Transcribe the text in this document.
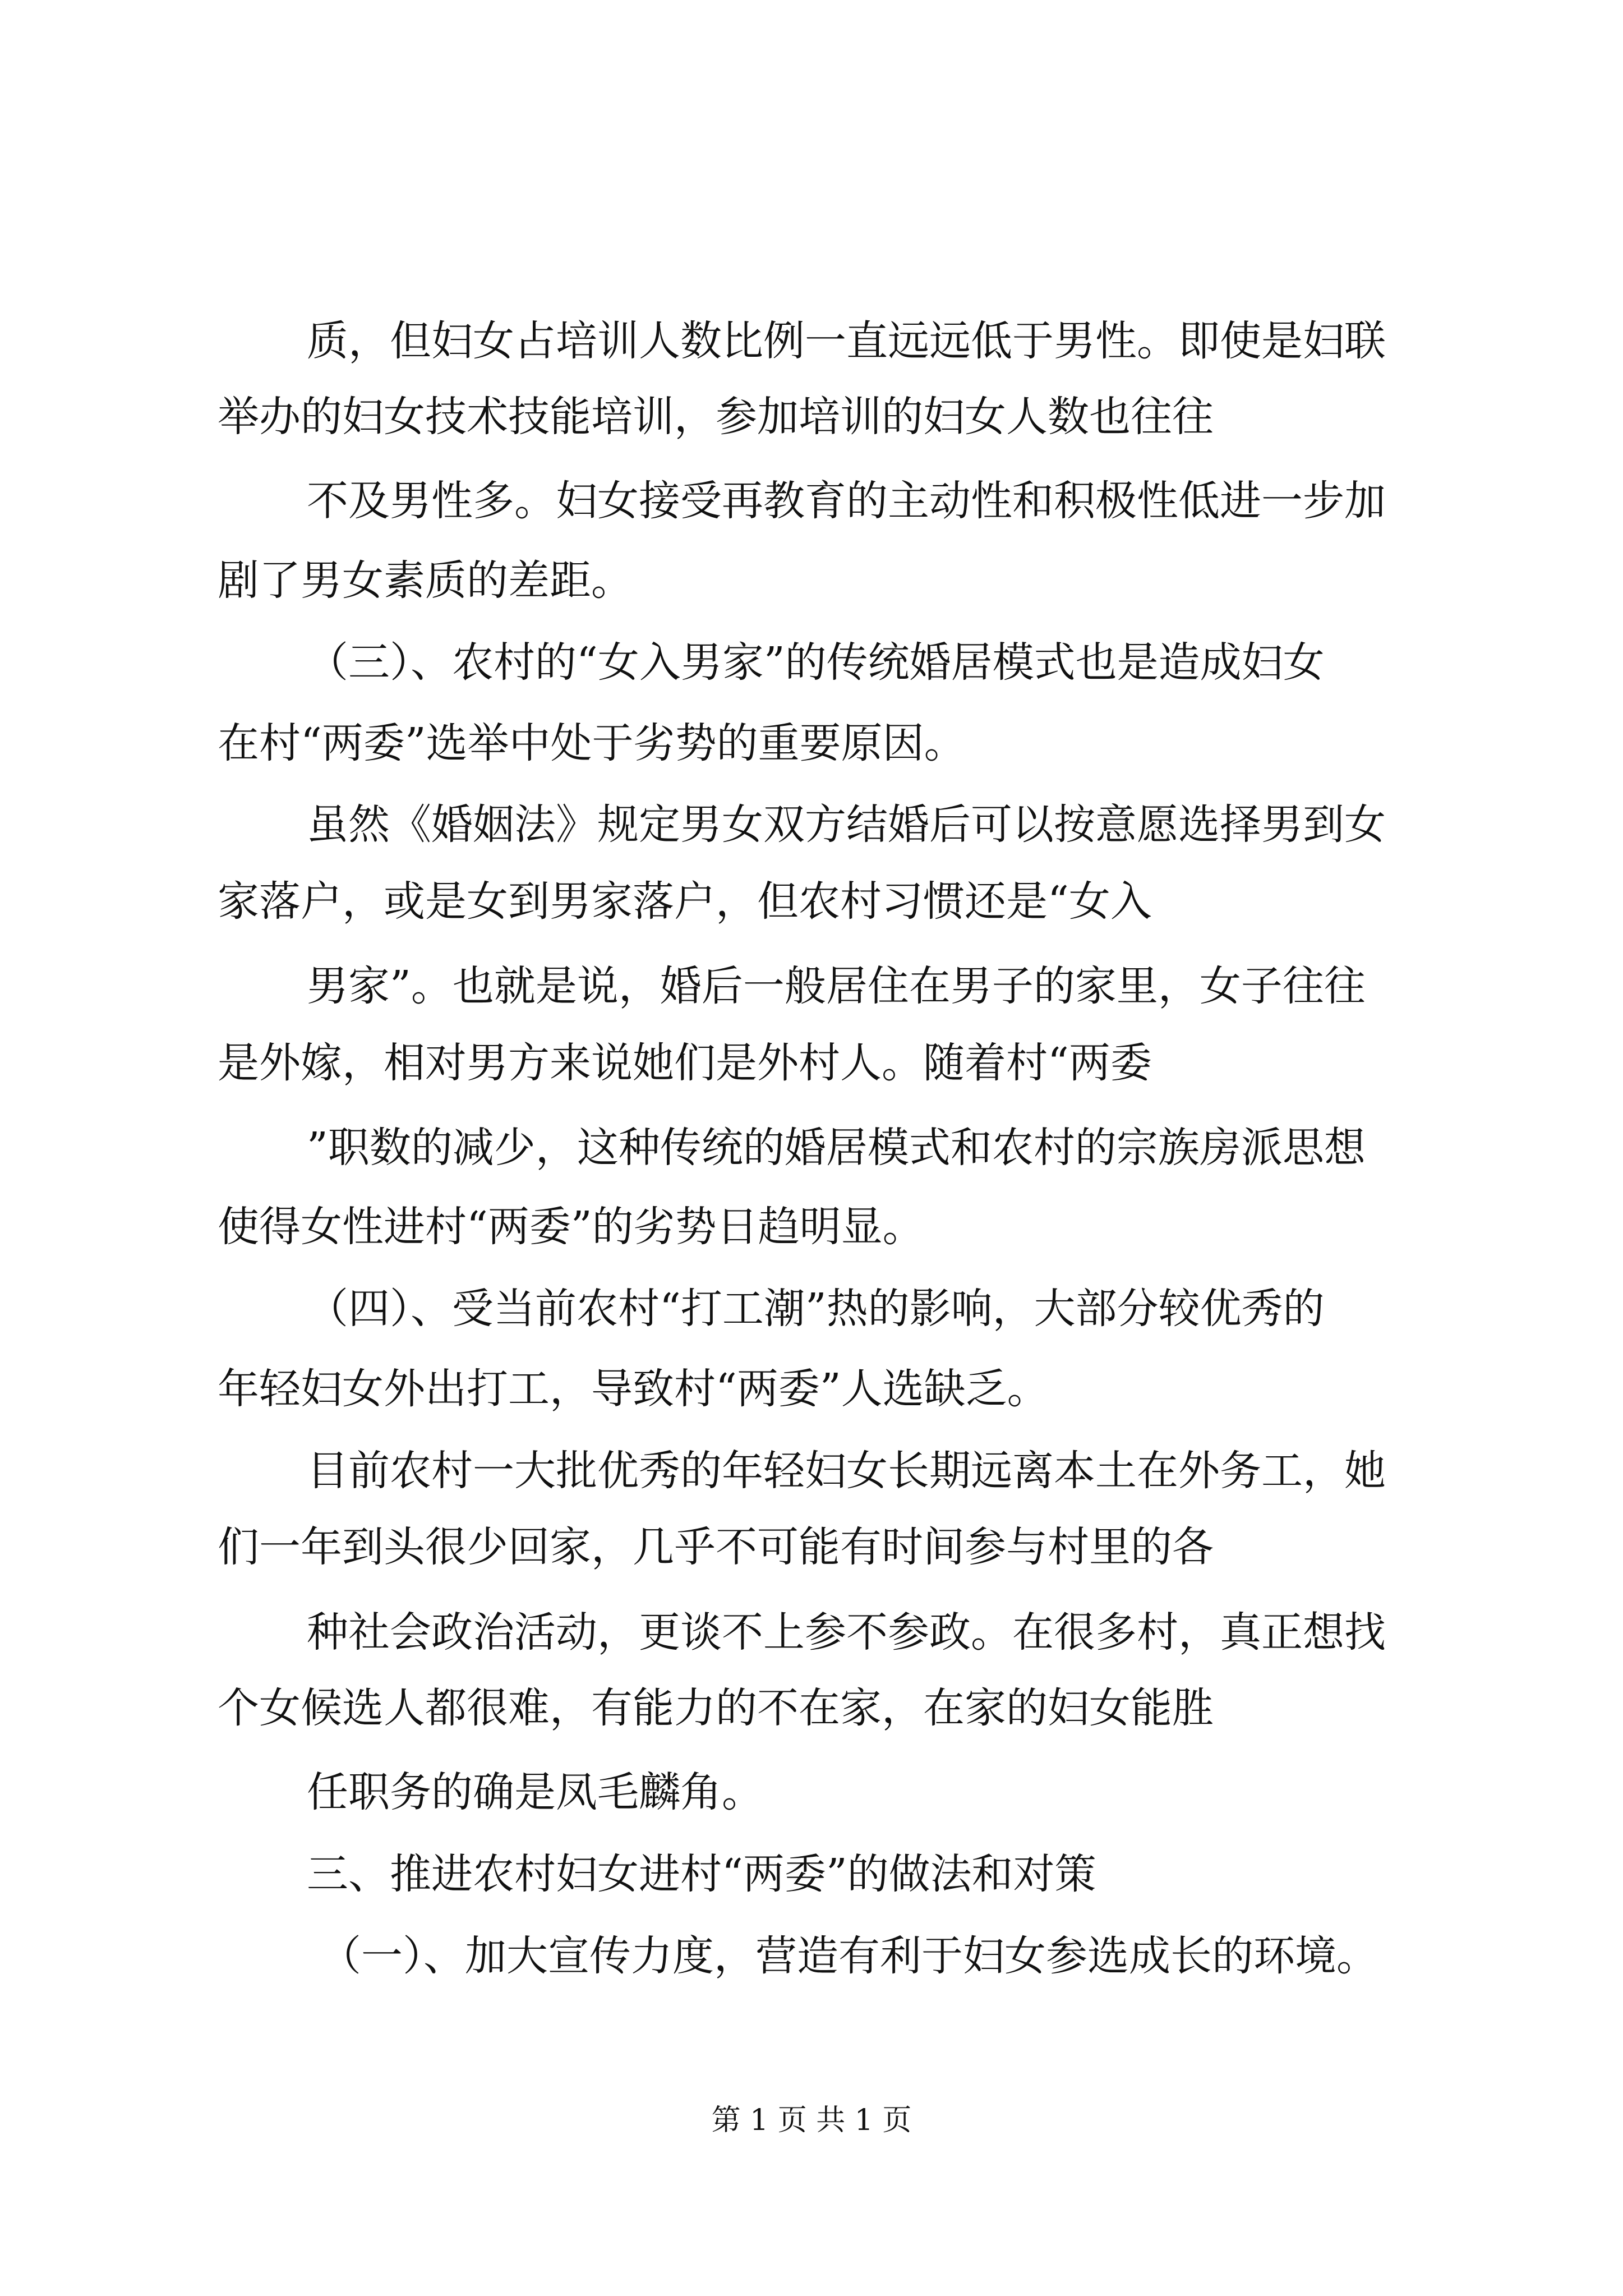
质，但妇女占培训人数比例一直远远低于男性。即使是妇联
举办的妇女技术技能培训，参加培训的妇女人数也往往
不及男性多。妇女接受再教育的主动性和积极性低进一步加
剧了男女素质的差距。
（三）、农村的“女入男家”的传统婚居模式也是造成妇女
在村“两委”选举中处于劣势的重要原因。
虽然《婚姻法》规定男女双方结婚后可以按意愿选择男到女
家落户，或是女到男家落户，但农村习惯还是“女入
男家”。也就是说，婚后一般居住在男子的家里，女子往往
是外嫁，相对男方来说她们是外村人。随着村“两委
”职数的减少，这种传统的婚居模式和农村的宗族房派思想
使得女性进村“两委”的劣势日趋明显。
（四）、受当前农村“打工潮”热的影响，大部分较优秀的
年轻妇女外出打工，导致村“两委”人选缺乏。
目前农村一大批优秀的年轻妇女长期远离本土在外务工，她
们一年到头很少回家，几乎不可能有时间参与村里的各
种社会政治活动，更谈不上参不参政。在很多村，真正想找
个女候选人都很难，有能力的不在家，在家的妇女能胜
任职务的确是凤毛麟角。
三、推进农村妇女进村“两委”的做法和对策
（一）、加大宣传力度，营造有利于妇女参选成长的环境。
第 1 页 共 1 页
